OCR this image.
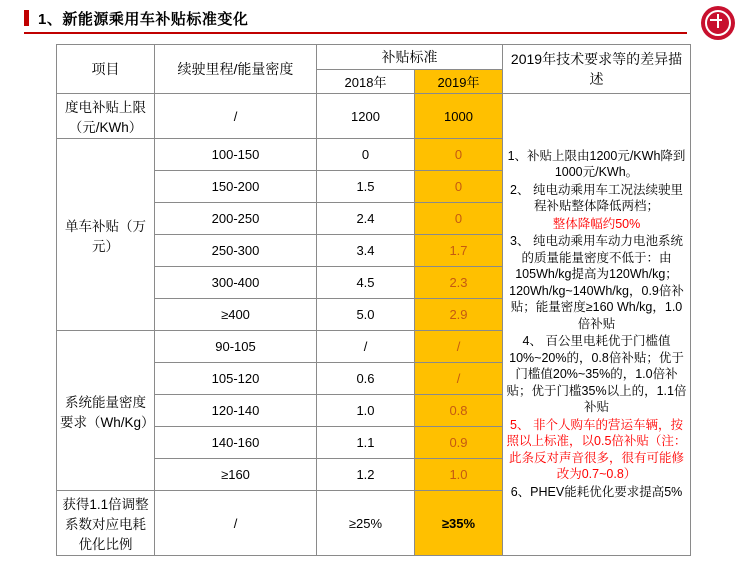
1、新能源乘用车补贴标准变化
项目	续驶里程/能量密度	补贴标准		2019年技术要求等的差异描述
		2018年	2019年	
度电补贴上限（元/KWh）	/	1200	1000	

1、补贴上限由1200元/KWh降到1000元/KWh。

2、 纯电动乘用车工况法续驶里程补贴整体降低两档；

整体降幅约50%

3、 纯电动乘用车动力电池系统的质量能量密度不低于：由105Wh/kg提高为120Wh/kg；120Wh/kg~140Wh/kg，0.9倍补贴；能量密度≥160 Wh/kg，1.0倍补贴

4、 百公里电耗优于门槛值10%~20%的，0.8倍补贴；优于门槛值20%~35%的，1.0倍补贴；优于门槛35%以上的，1.1倍补贴

5、 非个人购车的营运车辆，按照以上标准，以0.5倍补贴（注：此条反对声音很多，很有可能修改为0.7~0.8）

6、PHEV能耗优化要求提高5%

单车补贴（万元）	100-150	0	0	
	150-200	1.5	0	
	200-250	2.4	0	
	250-300	3.4	1.7	
	300-400	4.5	2.3	
	≥400	5.0	2.9	
系统能量密度要求（Wh/Kg）	90-105	/	/	
	105-120	0.6	/	
	120-140	1.0	0.8	
	140-160	1.1	0.9	
	≥160	1.2	1.0	
获得1.1倍调整系数对应电耗优化比例	/	≥25%	≥35%	
